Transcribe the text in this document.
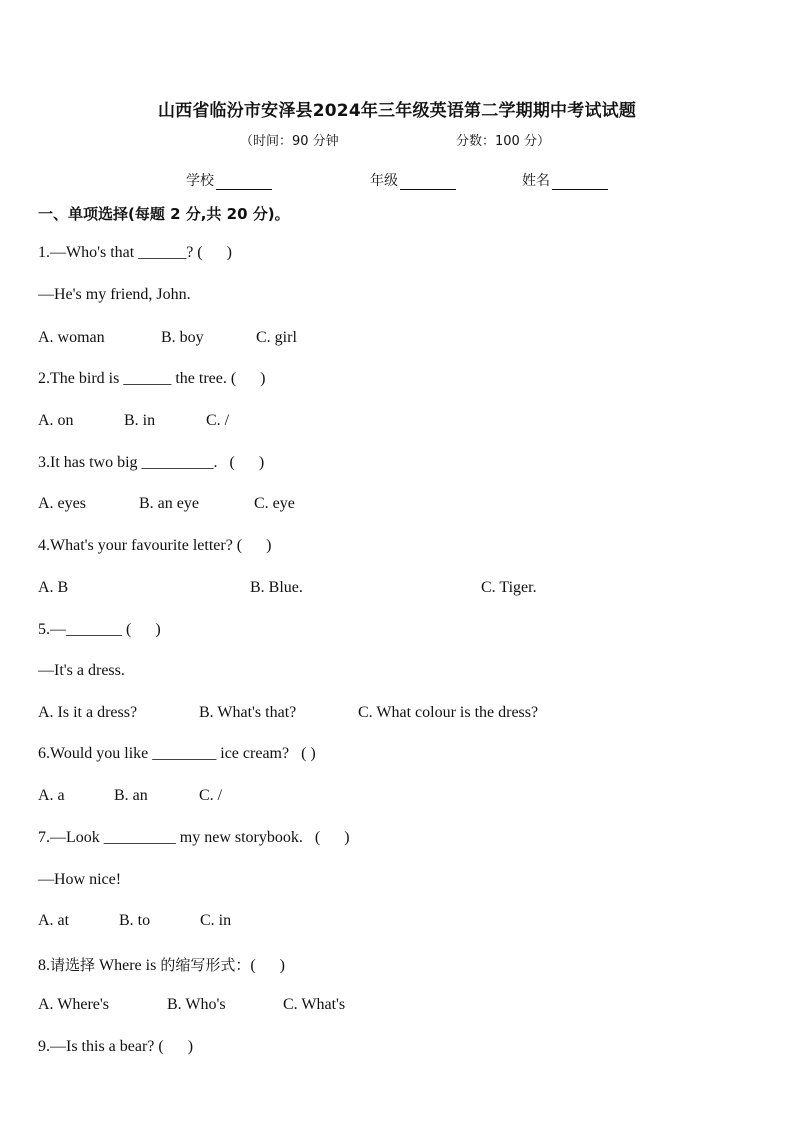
山西省临汾市安泽县2024年三年级英语第二学期期中考试试题
（时间：90 分钟	分数：100 分）
学校	年级	姓名
一、单项选择(每题 2 分,共 20 分)。
1.—Who's that ______? (      )
—He's my friend, John.
A. woman	B. boy	C. girl
2.The bird is ______ the tree. (      )
A. on	B. in	C. /
3.It has two big _________.   (      )
A. eyes	B. an eye	C. eye
4.What's your favourite letter? (      )
A. B	B. Blue.	C. Tiger.
5.—_______ (      )
—It's a dress.
A. Is it a dress?	B. What's that?	C. What colour is the dress?
6.Would you like ________ ice cream?   ( )
A. a	B. an	C. /
7.—Look _________ my new storybook.   (      )
—How nice!
A. at	B. to	C. in
8.请选择 Where is 的缩写形式：(      )
A. Where's	B. Who's	C. What's
9.—Is this a bear? (      )
